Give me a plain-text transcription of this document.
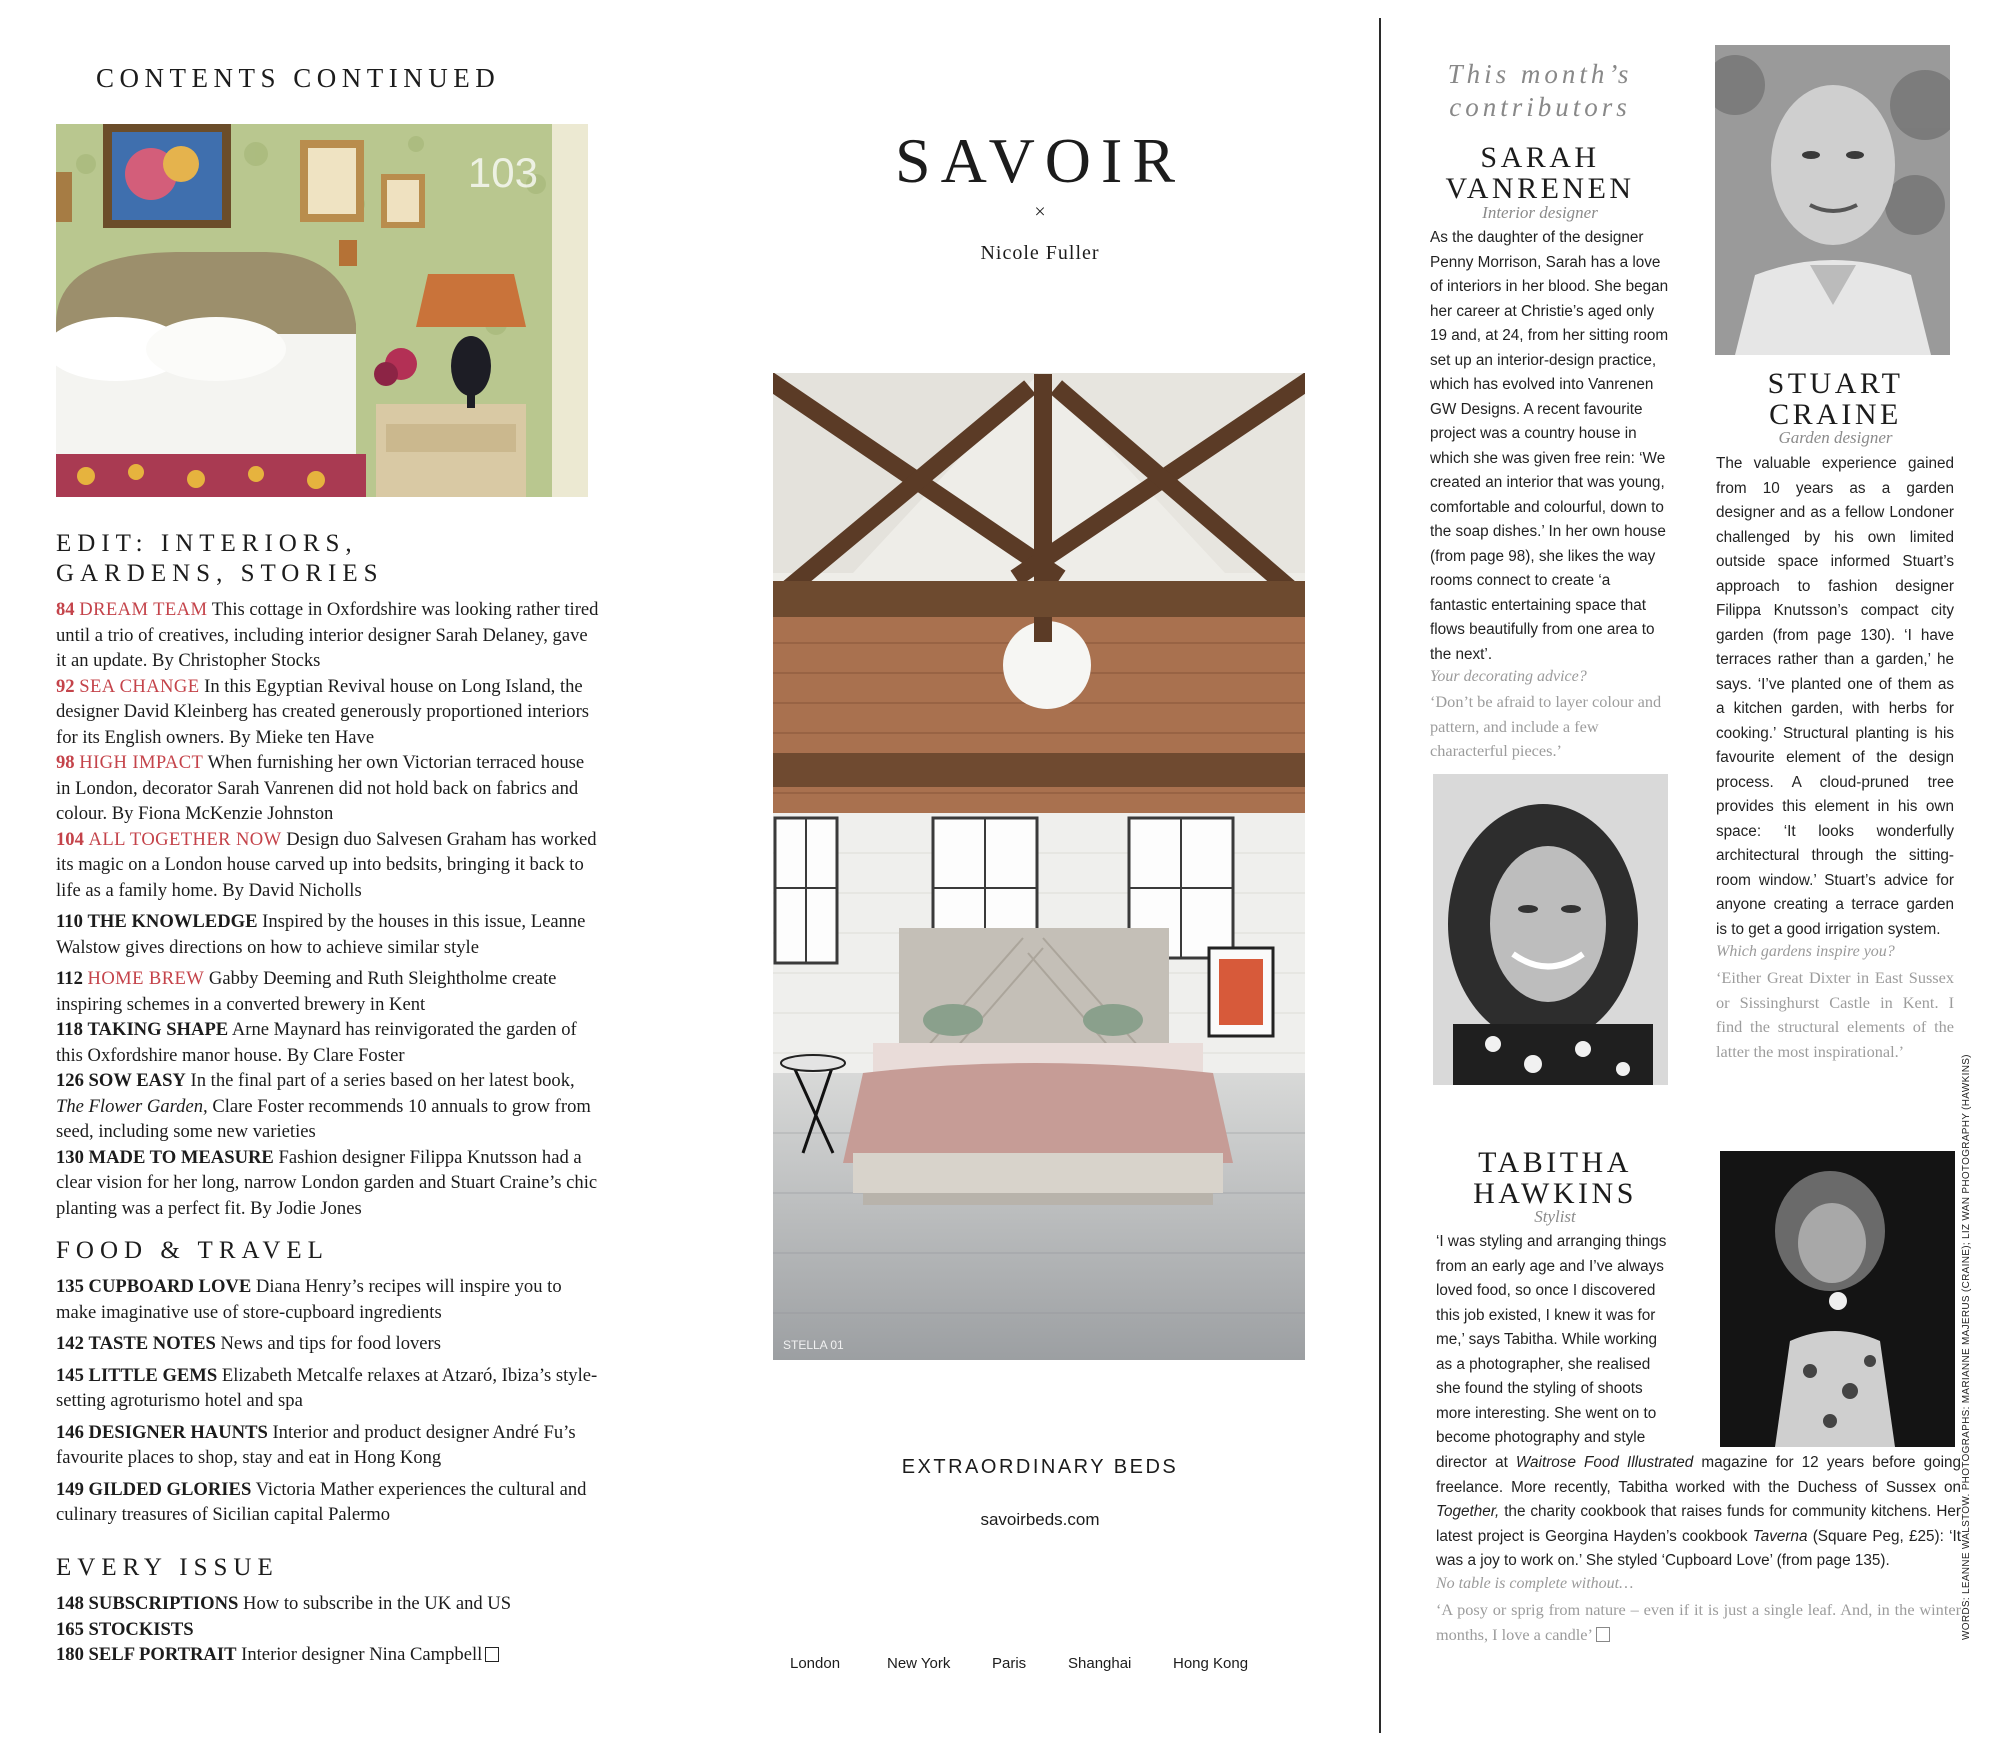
CONTENTS CONTINUED
103
EDIT: INTERIORS,
GARDENS, STORIES

84 DREAM TEAM This cottage in Oxfordshire was looking rather tired until a trio of creatives, including interior designer Sarah Delaney, gave it an update. By Christopher Stocks

92 SEA CHANGE In this Egyptian Revival house on Long Island, the designer David Kleinberg has created generously proportioned interiors for its English owners. By Mieke ten Have

98 HIGH IMPACT When furnishing her own Victorian terraced house in London, decorator Sarah Vanrenen did not hold back on fabrics and colour. By Fiona McKenzie Johnston

104 ALL TOGETHER NOW Design duo Salvesen Graham has worked its magic on a London house carved up into bedsits, bringing it back to life as a family home. By David Nicholls

110 THE KNOWLEDGE Inspired by the houses in this issue, Leanne Walstow gives directions on how to achieve similar style

112 HOME BREW Gabby Deeming and Ruth Sleightholme create inspiring schemes in a converted brewery in Kent

118 TAKING SHAPE Arne Maynard has reinvigorated the garden of this Oxfordshire manor house. By Clare Foster

126 SOW EASY In the final part of a series based on her latest book, The Flower Garden, Clare Foster recommends 10 annuals to grow from seed, including some new varieties

130 MADE TO MEASURE Fashion designer Filippa Knutsson had a clear vision for her long, narrow London garden and Stuart Craine’s chic planting was a perfect fit. By Jodie Jones

FOOD & TRAVEL

135 CUPBOARD LOVE Diana Henry’s recipes will inspire you to make imaginative use of store-cupboard ingredients

142 TASTE NOTES News and tips for food lovers

145 LITTLE GEMS Elizabeth Metcalfe relaxes at Atzaró, Ibiza’s style-setting agroturismo hotel and spa

146 DESIGNER HAUNTS Interior and product designer André Fu’s favourite places to shop, stay and eat in Hong Kong

149 GILDED GLORIES Victoria Mather experiences the cultural and culinary treasures of Sicilian capital Palermo

EVERY ISSUE

148 SUBSCRIPTIONS How to subscribe in the UK and US

165 STOCKISTS

180 SELF PORTRAIT Interior designer Nina Campbell

SAVOIR
×
Nicole Fuller
STELLA 01
EXTRAORDINARY BEDS
savoirbeds.com
London	New York	Paris	Shanghai	Hong Kong
This month’s
contributors
SARAH
VANRENEN
Interior designer

As the daughter of the designer Penny Morrison, Sarah has a love of interiors in her blood. She began her career at Christie’s aged only 19 and, at 24, from her sitting room set up an interior-design practice, which has evolved into Vanrenen GW Designs. A recent favourite project was a country house in which she was given free rein: ‘We created an interior that was young, comfortable and colourful, down to the soap dishes.’ In her own house (from page 98), she likes the way rooms connect to create ‘a fantastic entertaining space that flows beautifully from one area to the next’.

Your decorating advice?

‘Don’t be afraid to layer colour and pattern, and include a few characterful pieces.’

STUART
CRAINE
Garden designer

The valuable experience gained from 10 years as a garden designer and as a fellow Londoner challenged by his own limited outside space informed Stuart’s approach to fashion designer Filippa Knutsson’s compact city garden (from page 130). ‘I have terraces rather than a garden,’ he says. ‘I’ve planted one of them as a kitchen garden, with herbs for cooking.’ Structural planting is his favourite element of the design process. A cloud-pruned tree provides this element in his own space: ‘It looks wonderfully architectural through the sitting-room window.’ Stuart’s advice for anyone creating a terrace garden is to get a good irrigation system.

Which gardens inspire you?

‘Either Great Dixter in East Sussex or Sissinghurst Castle in Kent. I find the structural elements of the latter the most inspirational.’

TABITHA
HAWKINS
Stylist

‘I was styling and arranging things from an early age and I’ve always loved food, so once I discovered this job existed, I knew it was for me,’ says Tabitha. While working as a photographer, she realised she found the styling of shoots more interesting. She went on to become photography and style

director at Waitrose Food Illustrated magazine for 12 years before going freelance. More recently, Tabitha worked with the Duchess of Sussex on Together, the charity cookbook that raises funds for community kitchens. Her latest project is Georgina Hayden’s cookbook Taverna (Square Peg, £25): ‘It was a joy to work on.’ She styled ‘Cupboard Love’ (from page 135).

No table is complete without…

‘A posy or sprig from nature – even if it is just a single leaf. And, in the winter months, I love a candle’	WORDS: LEANNE WALSTOW. PHOTOGRAPHS: MARIANNE MAJERUS (CRAINE); LIZ WAN PHOTOGRAPHY (HAWKINS)
